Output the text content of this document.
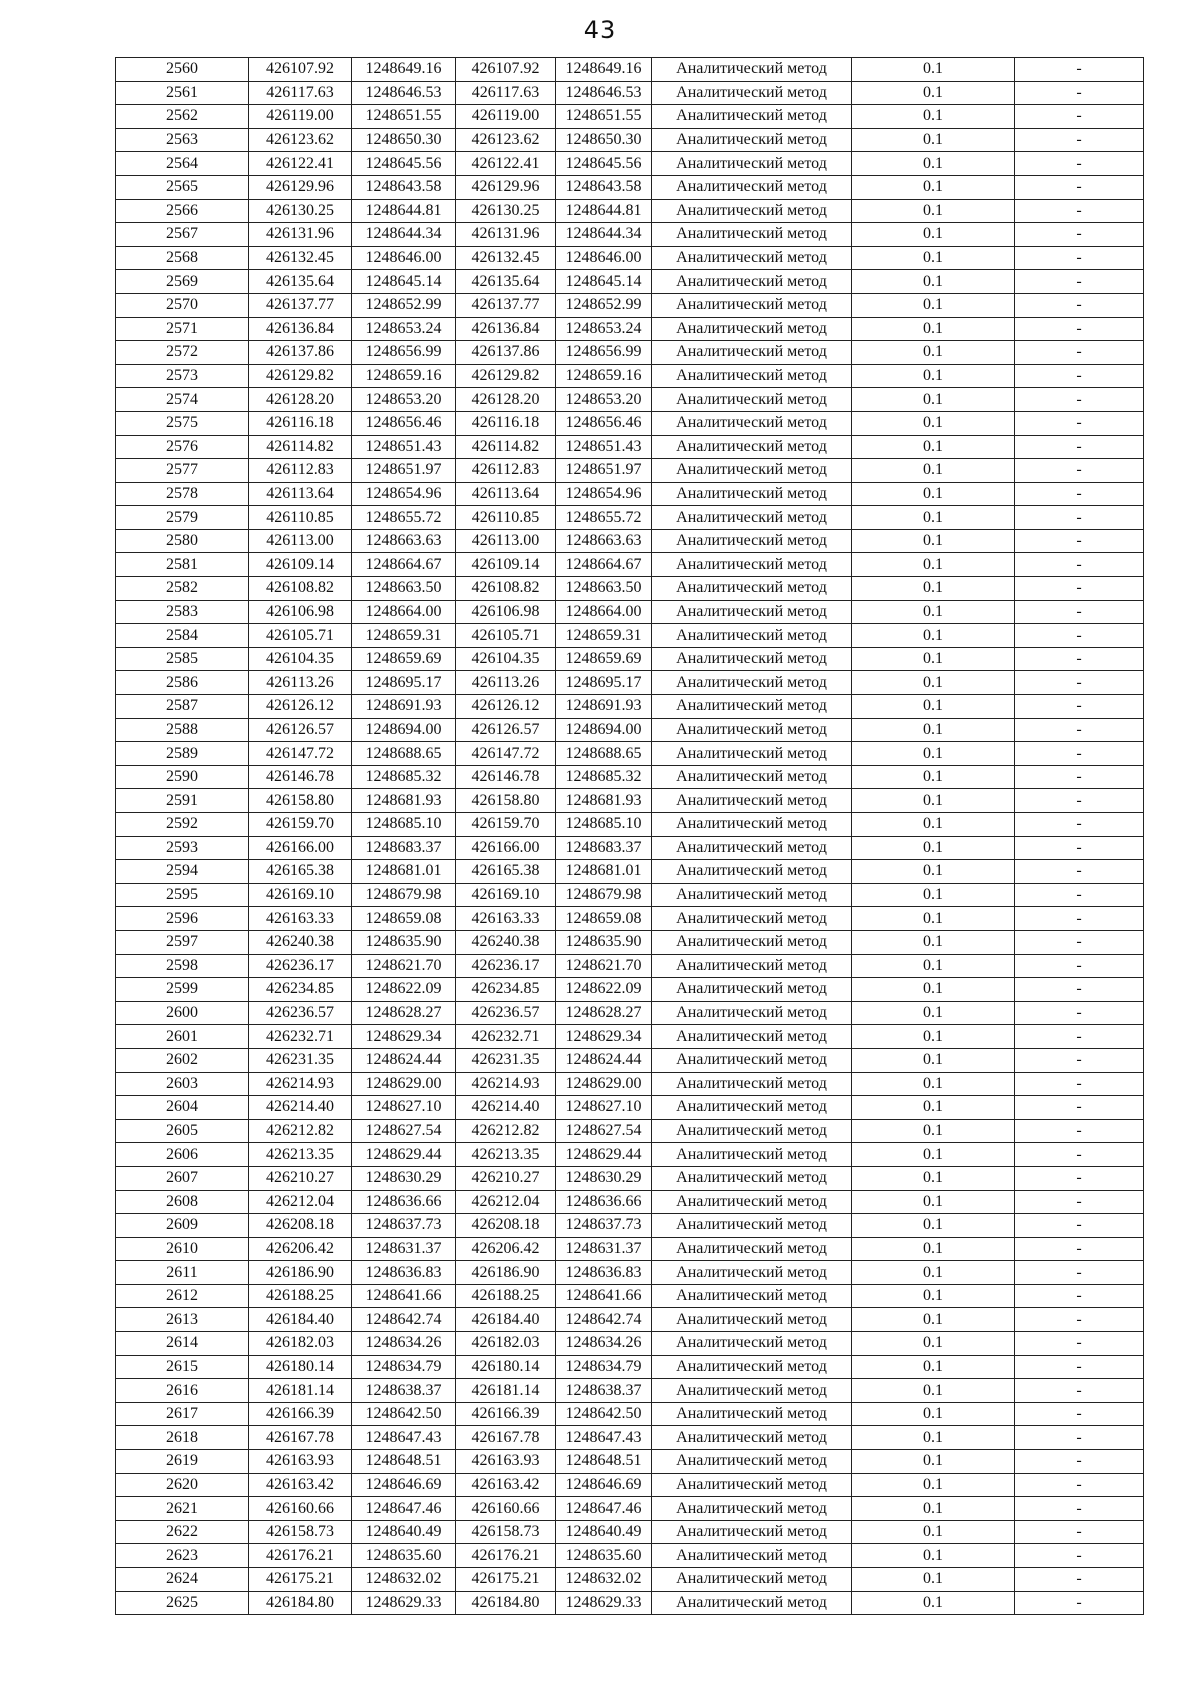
43
2560	426107.92	1248649.16	426107.92	1248649.16	Аналитический метод	0.1	-
2561	426117.63	1248646.53	426117.63	1248646.53	Аналитический метод	0.1	-
2562	426119.00	1248651.55	426119.00	1248651.55	Аналитический метод	0.1	-
2563	426123.62	1248650.30	426123.62	1248650.30	Аналитический метод	0.1	-
2564	426122.41	1248645.56	426122.41	1248645.56	Аналитический метод	0.1	-
2565	426129.96	1248643.58	426129.96	1248643.58	Аналитический метод	0.1	-
2566	426130.25	1248644.81	426130.25	1248644.81	Аналитический метод	0.1	-
2567	426131.96	1248644.34	426131.96	1248644.34	Аналитический метод	0.1	-
2568	426132.45	1248646.00	426132.45	1248646.00	Аналитический метод	0.1	-
2569	426135.64	1248645.14	426135.64	1248645.14	Аналитический метод	0.1	-
2570	426137.77	1248652.99	426137.77	1248652.99	Аналитический метод	0.1	-
2571	426136.84	1248653.24	426136.84	1248653.24	Аналитический метод	0.1	-
2572	426137.86	1248656.99	426137.86	1248656.99	Аналитический метод	0.1	-
2573	426129.82	1248659.16	426129.82	1248659.16	Аналитический метод	0.1	-
2574	426128.20	1248653.20	426128.20	1248653.20	Аналитический метод	0.1	-
2575	426116.18	1248656.46	426116.18	1248656.46	Аналитический метод	0.1	-
2576	426114.82	1248651.43	426114.82	1248651.43	Аналитический метод	0.1	-
2577	426112.83	1248651.97	426112.83	1248651.97	Аналитический метод	0.1	-
2578	426113.64	1248654.96	426113.64	1248654.96	Аналитический метод	0.1	-
2579	426110.85	1248655.72	426110.85	1248655.72	Аналитический метод	0.1	-
2580	426113.00	1248663.63	426113.00	1248663.63	Аналитический метод	0.1	-
2581	426109.14	1248664.67	426109.14	1248664.67	Аналитический метод	0.1	-
2582	426108.82	1248663.50	426108.82	1248663.50	Аналитический метод	0.1	-
2583	426106.98	1248664.00	426106.98	1248664.00	Аналитический метод	0.1	-
2584	426105.71	1248659.31	426105.71	1248659.31	Аналитический метод	0.1	-
2585	426104.35	1248659.69	426104.35	1248659.69	Аналитический метод	0.1	-
2586	426113.26	1248695.17	426113.26	1248695.17	Аналитический метод	0.1	-
2587	426126.12	1248691.93	426126.12	1248691.93	Аналитический метод	0.1	-
2588	426126.57	1248694.00	426126.57	1248694.00	Аналитический метод	0.1	-
2589	426147.72	1248688.65	426147.72	1248688.65	Аналитический метод	0.1	-
2590	426146.78	1248685.32	426146.78	1248685.32	Аналитический метод	0.1	-
2591	426158.80	1248681.93	426158.80	1248681.93	Аналитический метод	0.1	-
2592	426159.70	1248685.10	426159.70	1248685.10	Аналитический метод	0.1	-
2593	426166.00	1248683.37	426166.00	1248683.37	Аналитический метод	0.1	-
2594	426165.38	1248681.01	426165.38	1248681.01	Аналитический метод	0.1	-
2595	426169.10	1248679.98	426169.10	1248679.98	Аналитический метод	0.1	-
2596	426163.33	1248659.08	426163.33	1248659.08	Аналитический метод	0.1	-
2597	426240.38	1248635.90	426240.38	1248635.90	Аналитический метод	0.1	-
2598	426236.17	1248621.70	426236.17	1248621.70	Аналитический метод	0.1	-
2599	426234.85	1248622.09	426234.85	1248622.09	Аналитический метод	0.1	-
2600	426236.57	1248628.27	426236.57	1248628.27	Аналитический метод	0.1	-
2601	426232.71	1248629.34	426232.71	1248629.34	Аналитический метод	0.1	-
2602	426231.35	1248624.44	426231.35	1248624.44	Аналитический метод	0.1	-
2603	426214.93	1248629.00	426214.93	1248629.00	Аналитический метод	0.1	-
2604	426214.40	1248627.10	426214.40	1248627.10	Аналитический метод	0.1	-
2605	426212.82	1248627.54	426212.82	1248627.54	Аналитический метод	0.1	-
2606	426213.35	1248629.44	426213.35	1248629.44	Аналитический метод	0.1	-
2607	426210.27	1248630.29	426210.27	1248630.29	Аналитический метод	0.1	-
2608	426212.04	1248636.66	426212.04	1248636.66	Аналитический метод	0.1	-
2609	426208.18	1248637.73	426208.18	1248637.73	Аналитический метод	0.1	-
2610	426206.42	1248631.37	426206.42	1248631.37	Аналитический метод	0.1	-
2611	426186.90	1248636.83	426186.90	1248636.83	Аналитический метод	0.1	-
2612	426188.25	1248641.66	426188.25	1248641.66	Аналитический метод	0.1	-
2613	426184.40	1248642.74	426184.40	1248642.74	Аналитический метод	0.1	-
2614	426182.03	1248634.26	426182.03	1248634.26	Аналитический метод	0.1	-
2615	426180.14	1248634.79	426180.14	1248634.79	Аналитический метод	0.1	-
2616	426181.14	1248638.37	426181.14	1248638.37	Аналитический метод	0.1	-
2617	426166.39	1248642.50	426166.39	1248642.50	Аналитический метод	0.1	-
2618	426167.78	1248647.43	426167.78	1248647.43	Аналитический метод	0.1	-
2619	426163.93	1248648.51	426163.93	1248648.51	Аналитический метод	0.1	-
2620	426163.42	1248646.69	426163.42	1248646.69	Аналитический метод	0.1	-
2621	426160.66	1248647.46	426160.66	1248647.46	Аналитический метод	0.1	-
2622	426158.73	1248640.49	426158.73	1248640.49	Аналитический метод	0.1	-
2623	426176.21	1248635.60	426176.21	1248635.60	Аналитический метод	0.1	-
2624	426175.21	1248632.02	426175.21	1248632.02	Аналитический метод	0.1	-
2625	426184.80	1248629.33	426184.80	1248629.33	Аналитический метод	0.1	-
